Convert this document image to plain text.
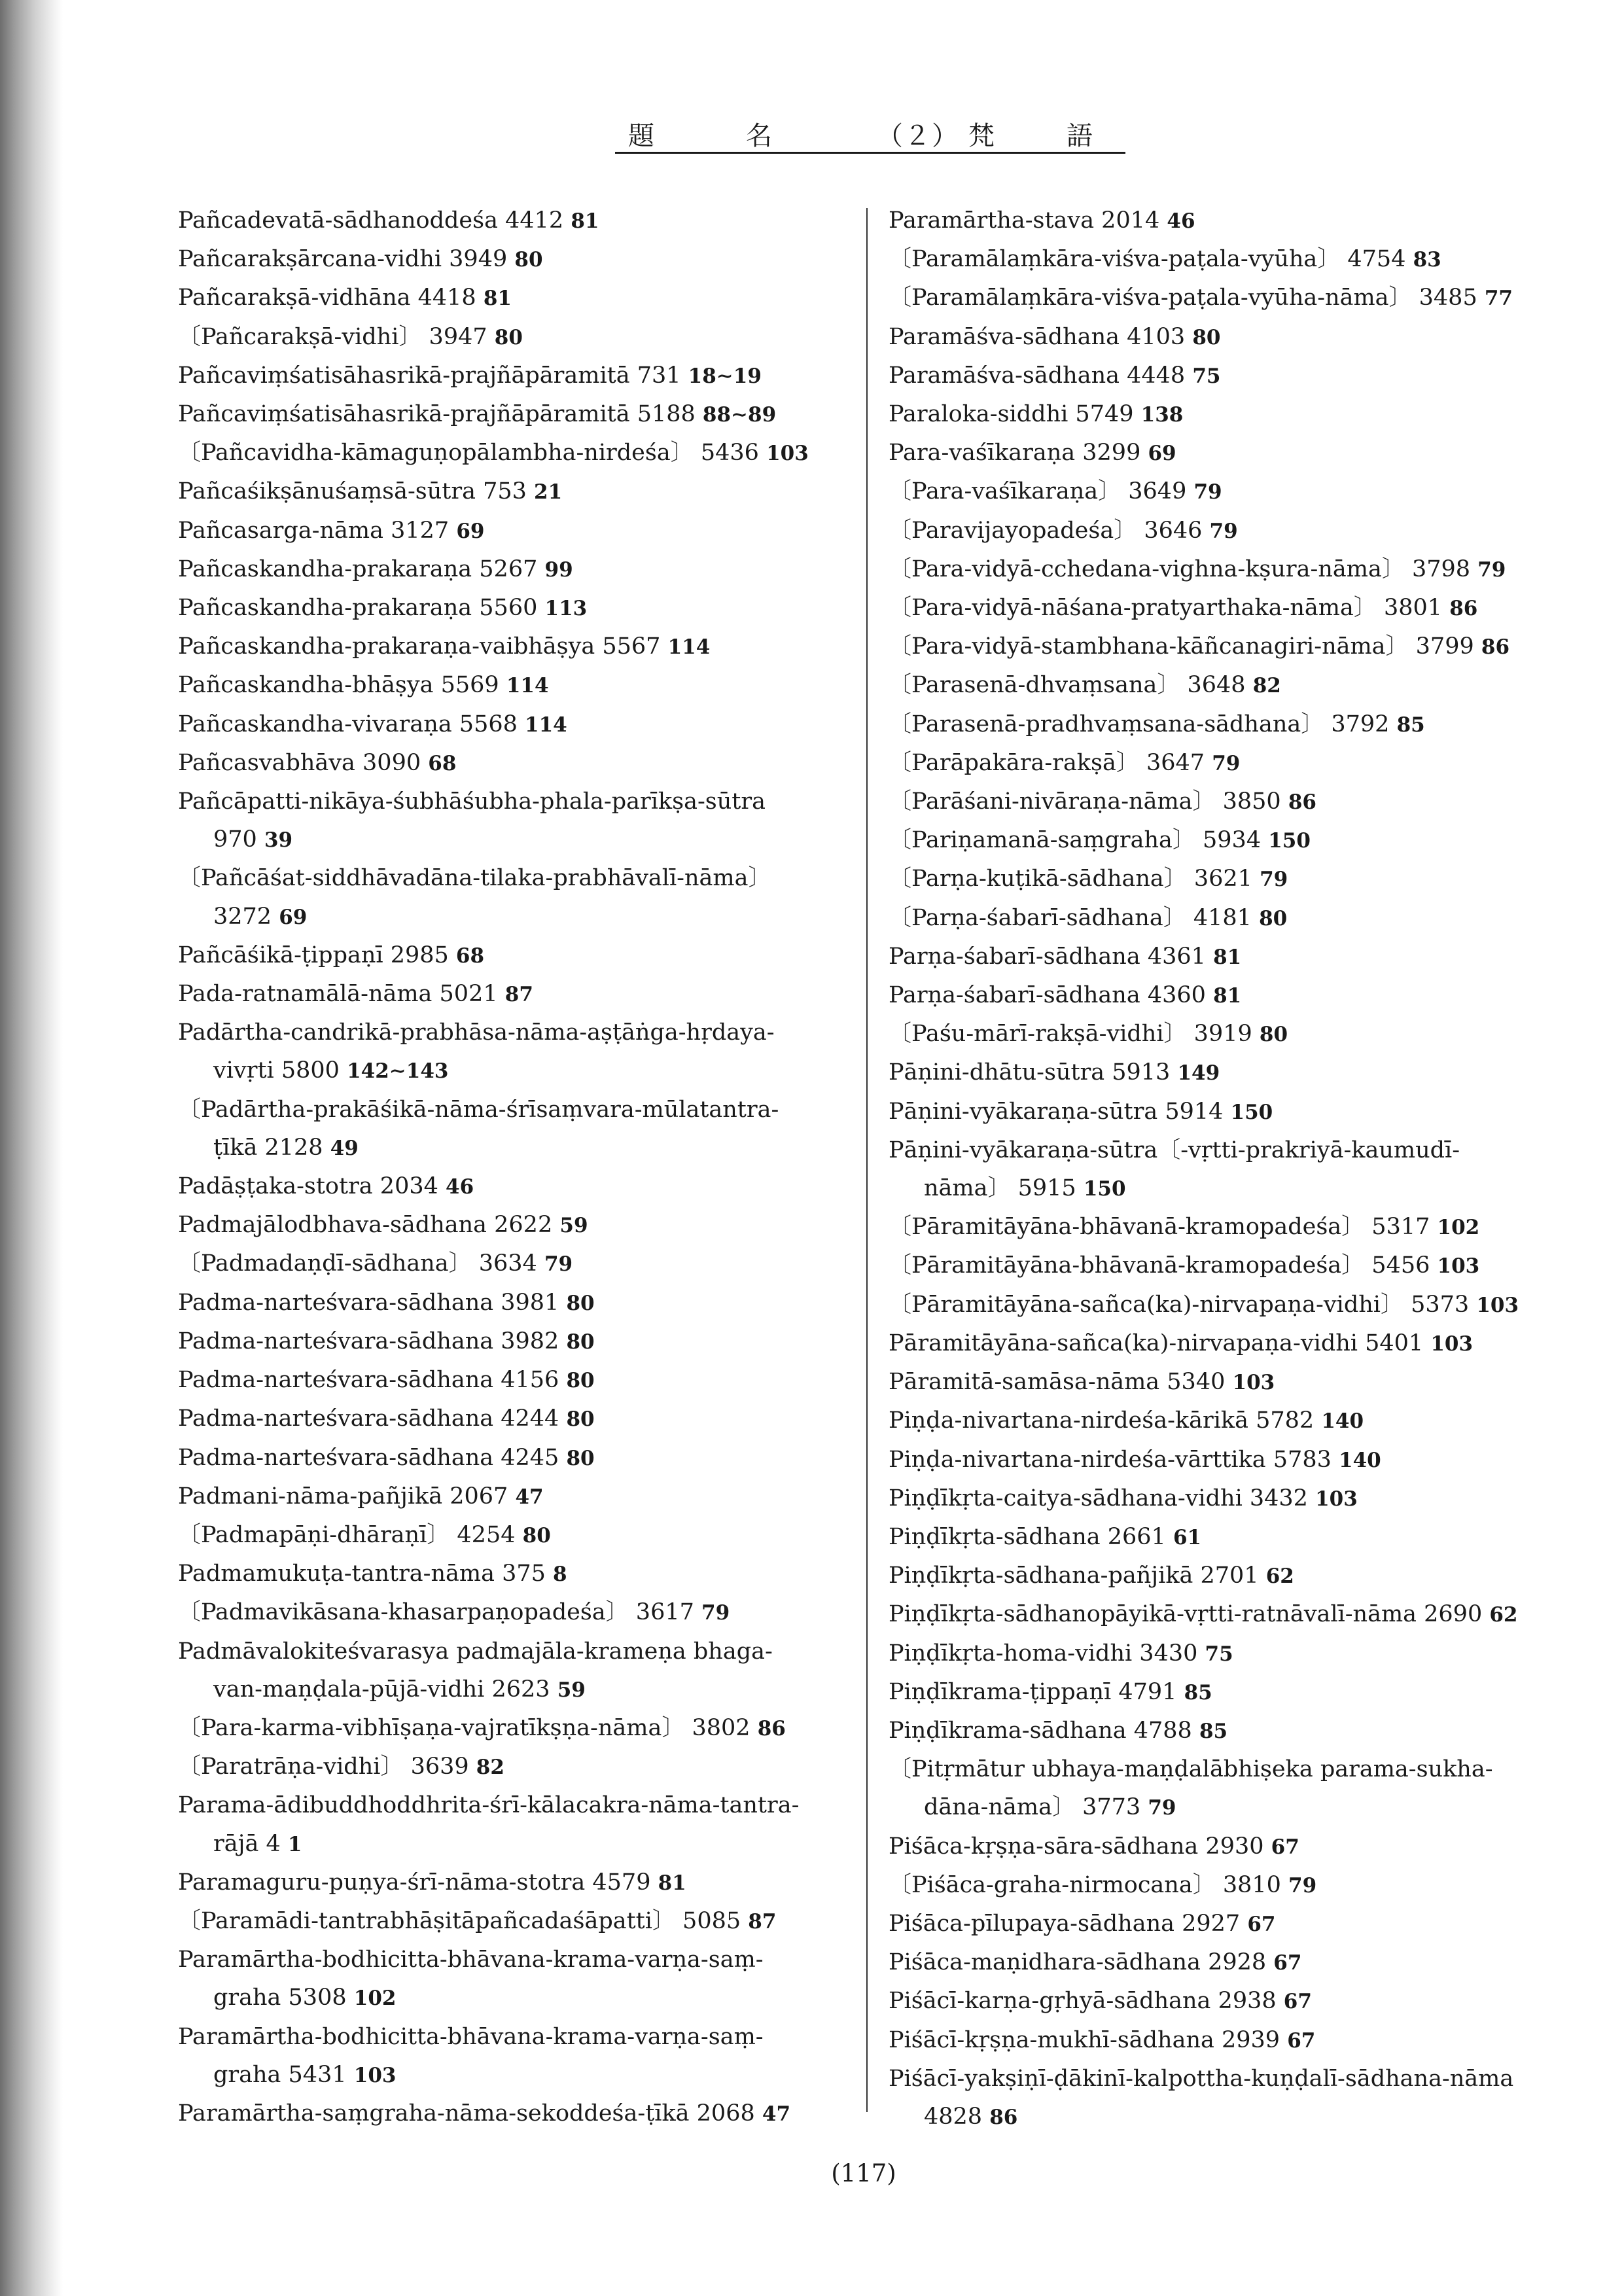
題	名	（２） 梵	語
Pañcadevatā-sādhanoddeśa 4412 81
Pañcarakṣārcana-vidhi 3949 80
Pañcarakṣā-vidhāna 4418 81
〔Pañcarakṣā-vidhi〕 3947 80
Pañcaviṃśatisāhasrikā-prajñāpāramitā 731 18∼19
Pañcaviṃśatisāhasrikā-prajñāpāramitā 5188 88∼89
〔Pañcavidha-kāmaguṇopālambha-nirdeśa〕 5436 103
Pañcaśikṣānuśaṃsā-sūtra 753 21
Pañcasarga-nāma 3127 69
Pañcaskandha-prakaraṇa 5267 99
Pañcaskandha-prakaraṇa 5560 113
Pañcaskandha-prakaraṇa-vaibhāṣya 5567 114
Pañcaskandha-bhāṣya 5569 114
Pañcaskandha-vivaraṇa 5568 114
Pañcasvabhāva 3090 68
Pañcāpatti-nikāya-śubhāśubha-phala-parīkṣa-sūtra
970 39
〔Pañcāśat-siddhāvadāna-tilaka-prabhāvalī-nāma〕
3272 69
Pañcāśikā-ṭippaṇī 2985 68
Pada-ratnamālā-nāma 5021 87
Padārtha-candrikā-prabhāsa-nāma-aṣṭāṅga-hṛdaya-
vivṛti 5800 142∼143
〔Padārtha-prakāśikā-nāma-śrīsaṃvara-mūlatantra-
ṭīkā 2128 49
Padāṣṭaka-stotra 2034 46
Padmajālodbhava-sādhana 2622 59
〔Padmadaṇḍī-sādhana〕 3634 79
Padma-narteśvara-sādhana 3981 80
Padma-narteśvara-sādhana 3982 80
Padma-narteśvara-sādhana 4156 80
Padma-narteśvara-sādhana 4244 80
Padma-narteśvara-sādhana 4245 80
Padmani-nāma-pañjikā 2067 47
〔Padmapāṇi-dhāraṇī〕 4254 80
Padmamukuṭa-tantra-nāma 375 8
〔Padmavikāsana-khasarpaṇopadeśa〕 3617 79
Padmāvalokiteśvarasya padmajāla-krameṇa bhaga-
van-maṇḍala-pūjā-vidhi 2623 59
〔Para-karma-vibhīṣaṇa-vajratīkṣṇa-nāma〕 3802 86
〔Paratrāṇa-vidhi〕 3639 82
Parama-ādibuddhoddhrita-śrī-kālacakra-nāma-tantra-
rājā 4 1
Paramaguru-puṇya-śrī-nāma-stotra 4579 81
〔Paramādi-tantrabhāṣitāpañcadaśāpatti〕 5085 87
Paramārtha-bodhicitta-bhāvana-krama-varṇa-saṃ-
graha 5308 102
Paramārtha-bodhicitta-bhāvana-krama-varṇa-saṃ-
graha 5431 103
Paramārtha-saṃgraha-nāma-sekoddeśa-ṭīkā 2068 47
Paramārtha-stava 2014 46
〔Paramālaṃkāra-viśva-paṭala-vyūha〕 4754 83
〔Paramālaṃkāra-viśva-paṭala-vyūha-nāma〕 3485 77
Paramāśva-sādhana 4103 80
Paramāśva-sādhana 4448 75
Paraloka-siddhi 5749 138
Para-vaśīkaraṇa 3299 69
〔Para-vaśīkaraṇa〕 3649 79
〔Paravijayopadeśa〕 3646 79
〔Para-vidyā-cchedana-vighna-kṣura-nāma〕 3798 79
〔Para-vidyā-nāśana-pratyarthaka-nāma〕 3801 86
〔Para-vidyā-stambhana-kāñcanagiri-nāma〕 3799 86
〔Parasenā-dhvaṃsana〕 3648 82
〔Parasenā-pradhvaṃsana-sādhana〕 3792 85
〔Parāpakāra-rakṣā〕 3647 79
〔Parāśani-nivāraṇa-nāma〕 3850 86
〔Pariṇamanā-saṃgraha〕 5934 150
〔Parṇa-kuṭikā-sādhana〕 3621 79
〔Parṇa-śabarī-sādhana〕 4181 80
Parṇa-śabarī-sādhana 4361 81
Parṇa-śabarī-sādhana 4360 81
〔Paśu-mārī-rakṣā-vidhi〕 3919 80
Pāṇini-dhātu-sūtra 5913 149
Pāṇini-vyākaraṇa-sūtra 5914 150
Pāṇini-vyākaraṇa-sūtra〔-vṛtti-prakriyā-kaumudī-
nāma〕 5915 150
〔Pāramitāyāna-bhāvanā-kramopadeśa〕 5317 102
〔Pāramitāyāna-bhāvanā-kramopadeśa〕 5456 103
〔Pāramitāyāna-sañca(ka)-nirvapaṇa-vidhi〕 5373 103
Pāramitāyāna-sañca(ka)-nirvapaṇa-vidhi 5401 103
Pāramitā-samāsa-nāma 5340 103
Piṇḍa-nivartana-nirdeśa-kārikā 5782 140
Piṇḍa-nivartana-nirdeśa-vārttika 5783 140
Piṇḍīkṛta-caitya-sādhana-vidhi 3432 103
Piṇḍīkṛta-sādhana 2661 61
Piṇḍīkṛta-sādhana-pañjikā 2701 62
Piṇḍīkṛta-sādhanopāyikā-vṛtti-ratnāvalī-nāma 2690 62
Piṇḍīkṛta-homa-vidhi 3430 75
Piṇḍīkrama-ṭippaṇī 4791 85
Piṇḍīkrama-sādhana 4788 85
〔Pitṛmātur ubhaya-maṇḍalābhiṣeka parama-sukha-
dāna-nāma〕 3773 79
Piśāca-kṛṣṇa-sāra-sādhana 2930 67
〔Piśāca-graha-nirmocana〕 3810 79
Piśāca-pīlupaya-sādhana 2927 67
Piśāca-maṇidhara-sādhana 2928 67
Piśācī-karṇa-gṛhyā-sādhana 2938 67
Piśācī-kṛṣṇa-mukhī-sādhana 2939 67
Piśācī-yakṣiṇī-ḍākinī-kalpottha-kuṇḍalī-sādhana-nāma
4828 86
(117)
